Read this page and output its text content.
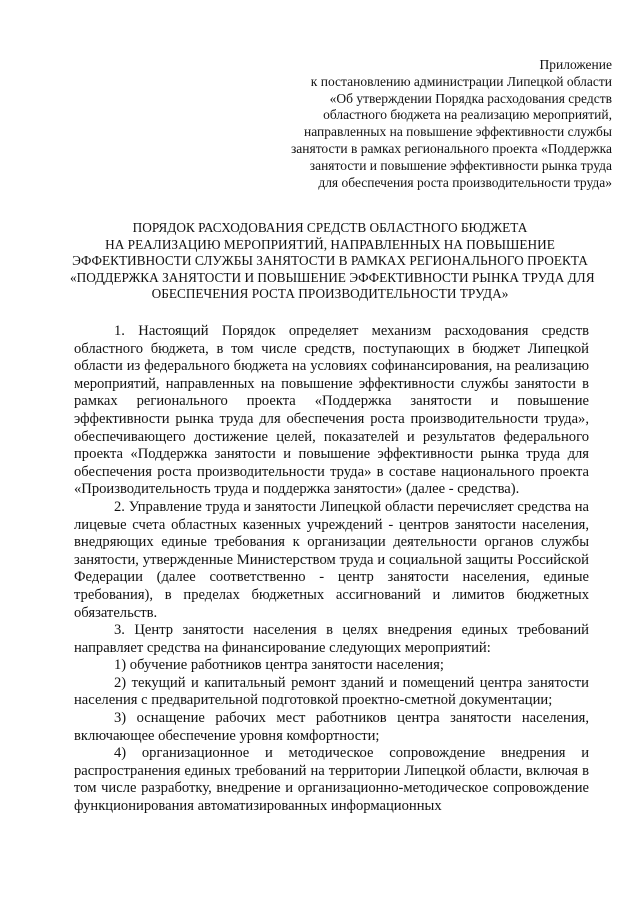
Приложение
к постановлению администрации Липецкой области
«Об утверждении Порядка расходования средств
областного бюджета на реализацию мероприятий,
направленных на повышение эффективности службы
занятости в рамках регионального проекта «Поддержка
занятости и повышение эффективности рынка труда
для обеспечения роста производительности труда»
ПОРЯДОК РАСХОДОВАНИЯ СРЕДСТВ ОБЛАСТНОГО БЮДЖЕТА
НА РЕАЛИЗАЦИЮ МЕРОПРИЯТИЙ, НАПРАВЛЕННЫХ НА ПОВЫШЕНИЕ
ЭФФЕКТИВНОСТИ СЛУЖБЫ ЗАНЯТОСТИ В РАМКАХ РЕГИОНАЛЬНОГО ПРОЕКТА
«ПОДДЕРЖКА ЗАНЯТОСТИ И ПОВЫШЕНИЕ ЭФФЕКТИВНОСТИ РЫНКА ТРУДА ДЛЯ
ОБЕСПЕЧЕНИЯ РОСТА ПРОИЗВОДИТЕЛЬНОСТИ ТРУДА»

1. Настоящий Порядок определяет механизм расходования средств областного бюджета, в том числе средств, поступающих в бюджет Липецкой области из федерального бюджета на условиях софинансирования, на реализацию мероприятий, направленных на повышение эффективности службы занятости в рамках регионального проекта «Поддержка занятости и повышение эффективности рынка труда для обеспечения роста производительности труда», обеспечивающего достижение целей, показателей и результатов федерального проекта «Поддержка занятости и повышение эффективности рынка труда для обеспечения роста производительности труда» в составе национального проекта «Производительность труда и поддержка занятости» (далее - средства).

2. Управление труда и занятости Липецкой области перечисляет средства на лицевые счета областных казенных учреждений - центров занятости населения, внедряющих единые требования к организации деятельности органов службы занятости, утвержденные Министерством труда и социальной защиты Российской Федерации (далее соответственно - центр занятости населения, единые требования), в пределах бюджетных ассигнований и лимитов бюджетных обязательств.

3. Центр занятости населения в целях внедрения единых требований направляет средства на финансирование следующих мероприятий:

1) обучение работников центра занятости населения;

2) текущий и капитальный ремонт зданий и помещений центра занятости населения с предварительной подготовкой проектно-сметной документации;

3) оснащение рабочих мест работников центра занятости населения, включающее обеспечение уровня комфортности;

4) организационное и методическое сопровождение внедрения и распространения единых требований на территории Липецкой области, включая в том числе разработку, внедрение и организационно-методическое сопровождение функционирования автоматизированных информационных
